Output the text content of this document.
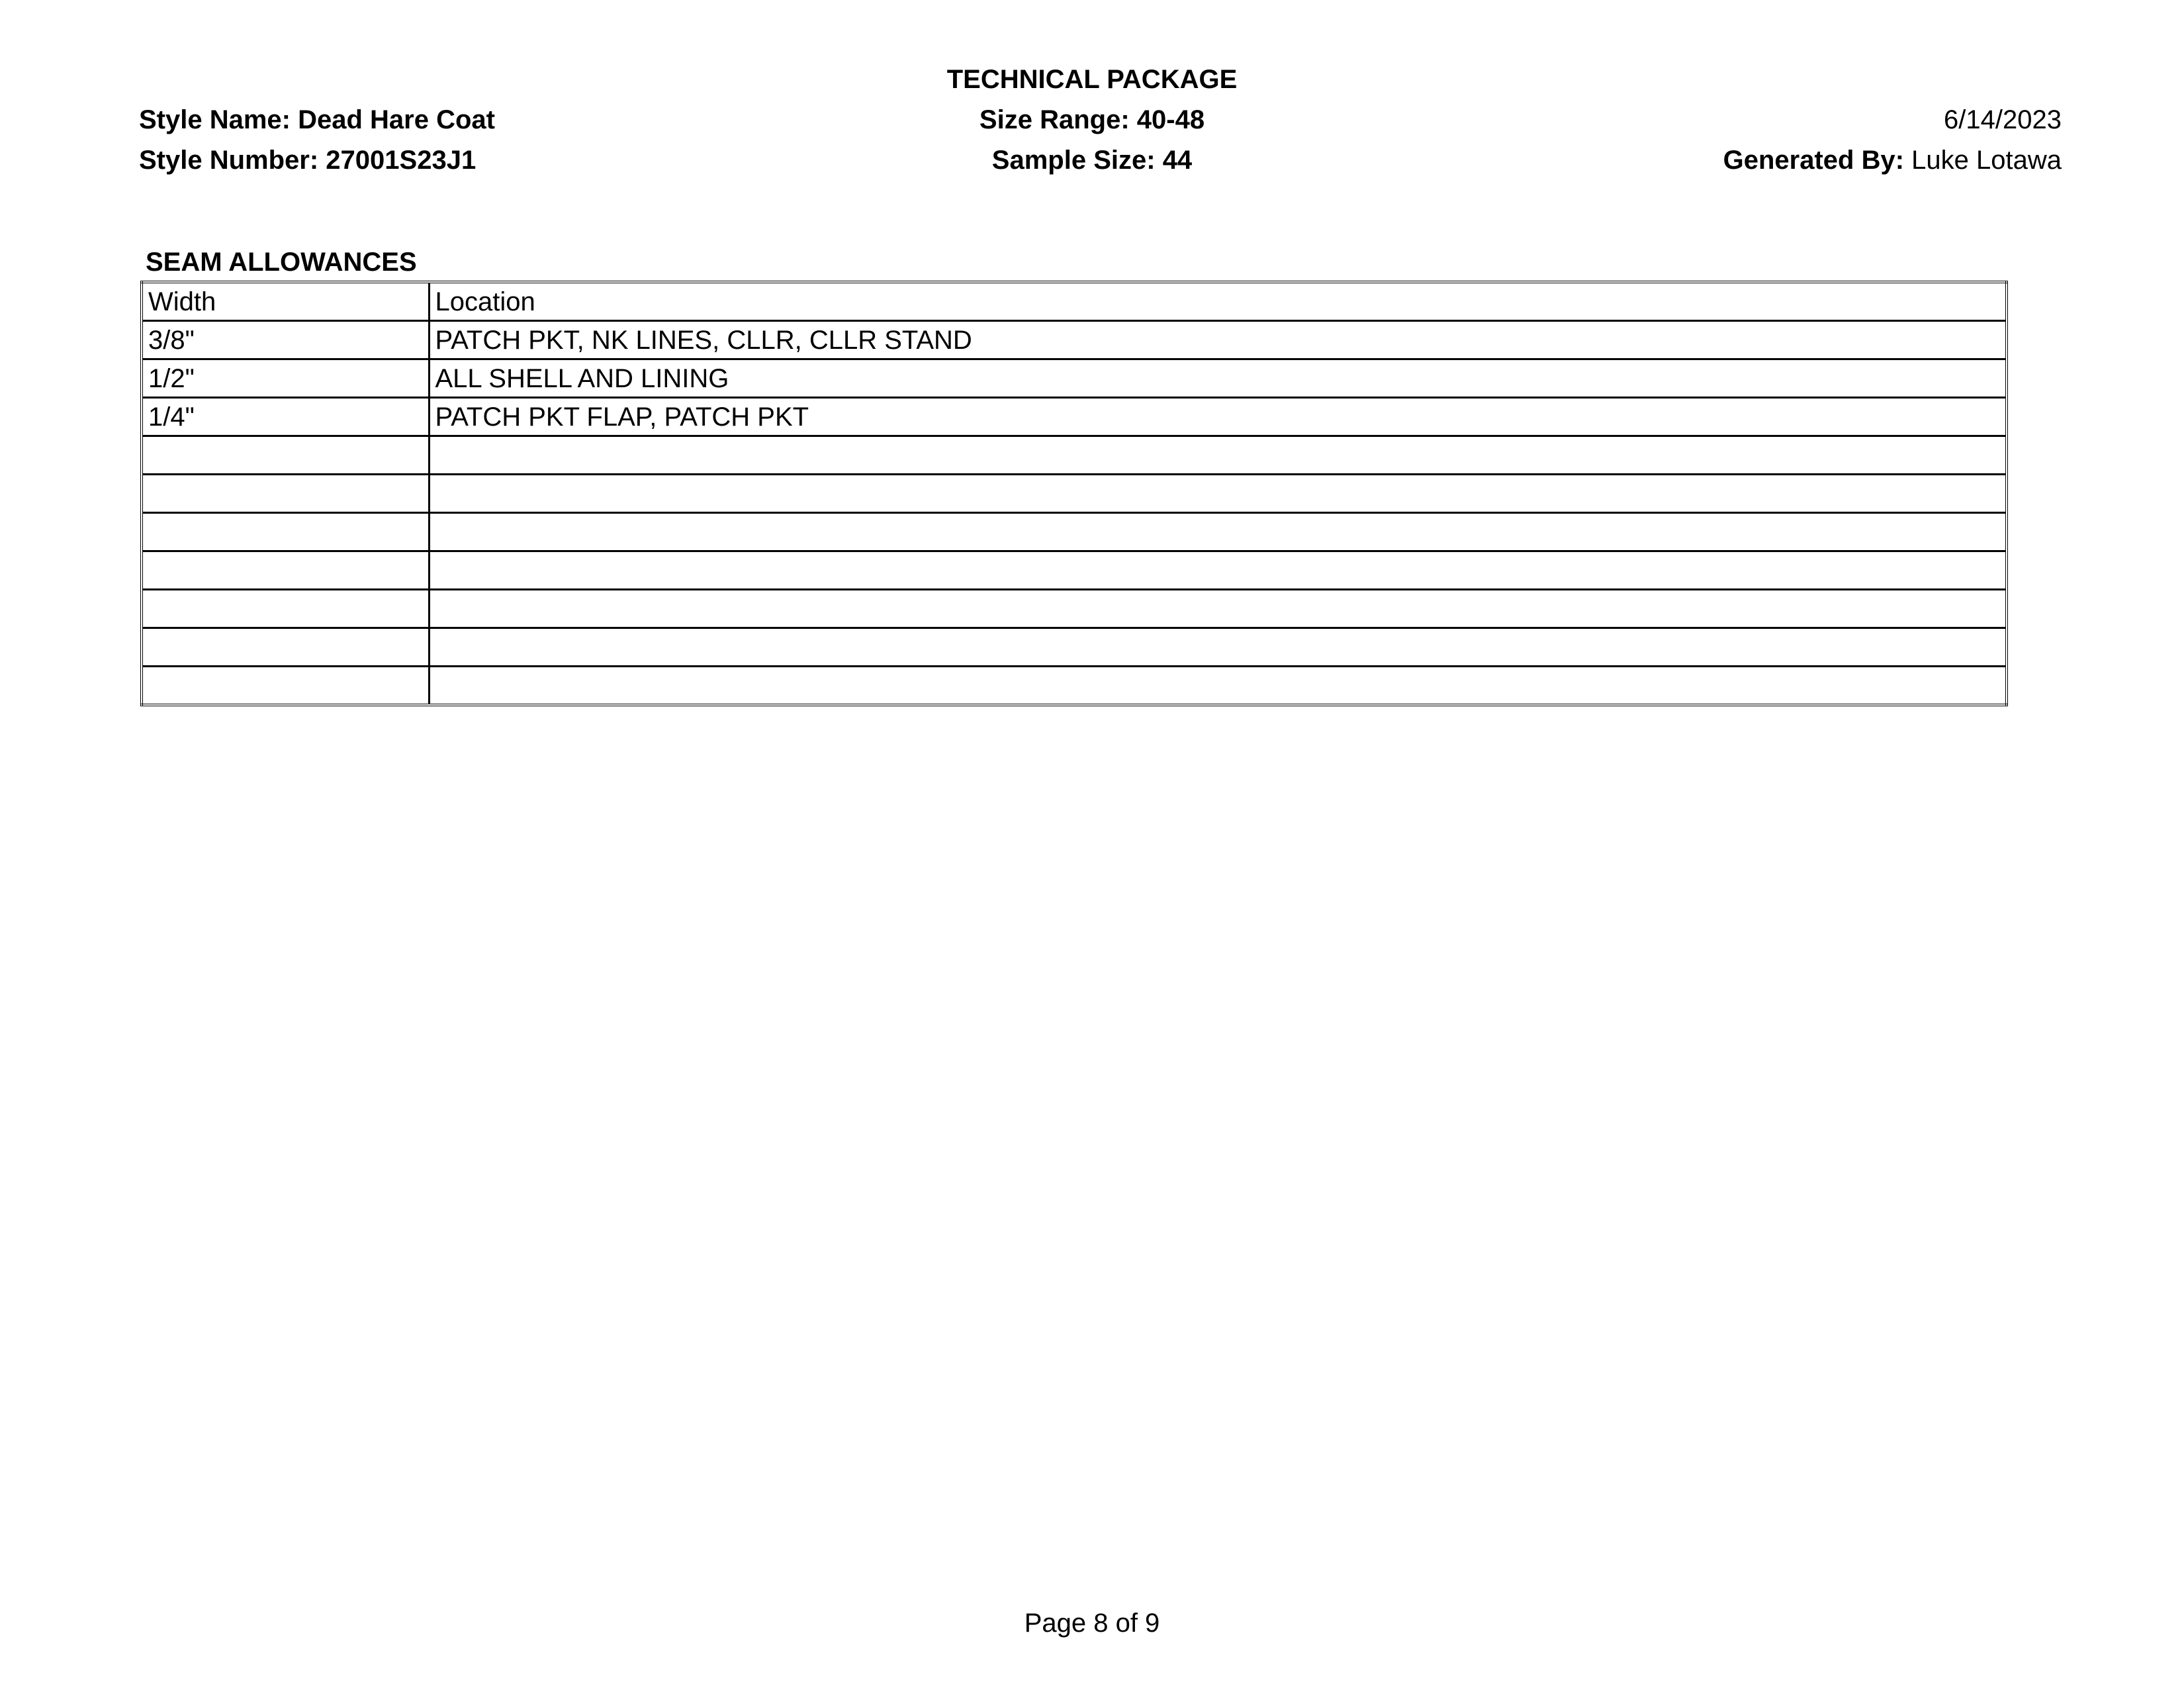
TECHNICAL PACKAGE
Style Name: Dead Hare Coat
Style Number: 27001S23J1
Size Range: 40-48
Sample Size: 44
6/14/2023
Generated By: Luke Lotawa
SEAM ALLOWANCES
Width	Location
3/8"	PATCH PKT, NK LINES, CLLR, CLLR STAND
1/2"	ALL SHELL AND LINING
1/4"	PATCH PKT FLAP, PATCH PKT

Page 8 of 9
